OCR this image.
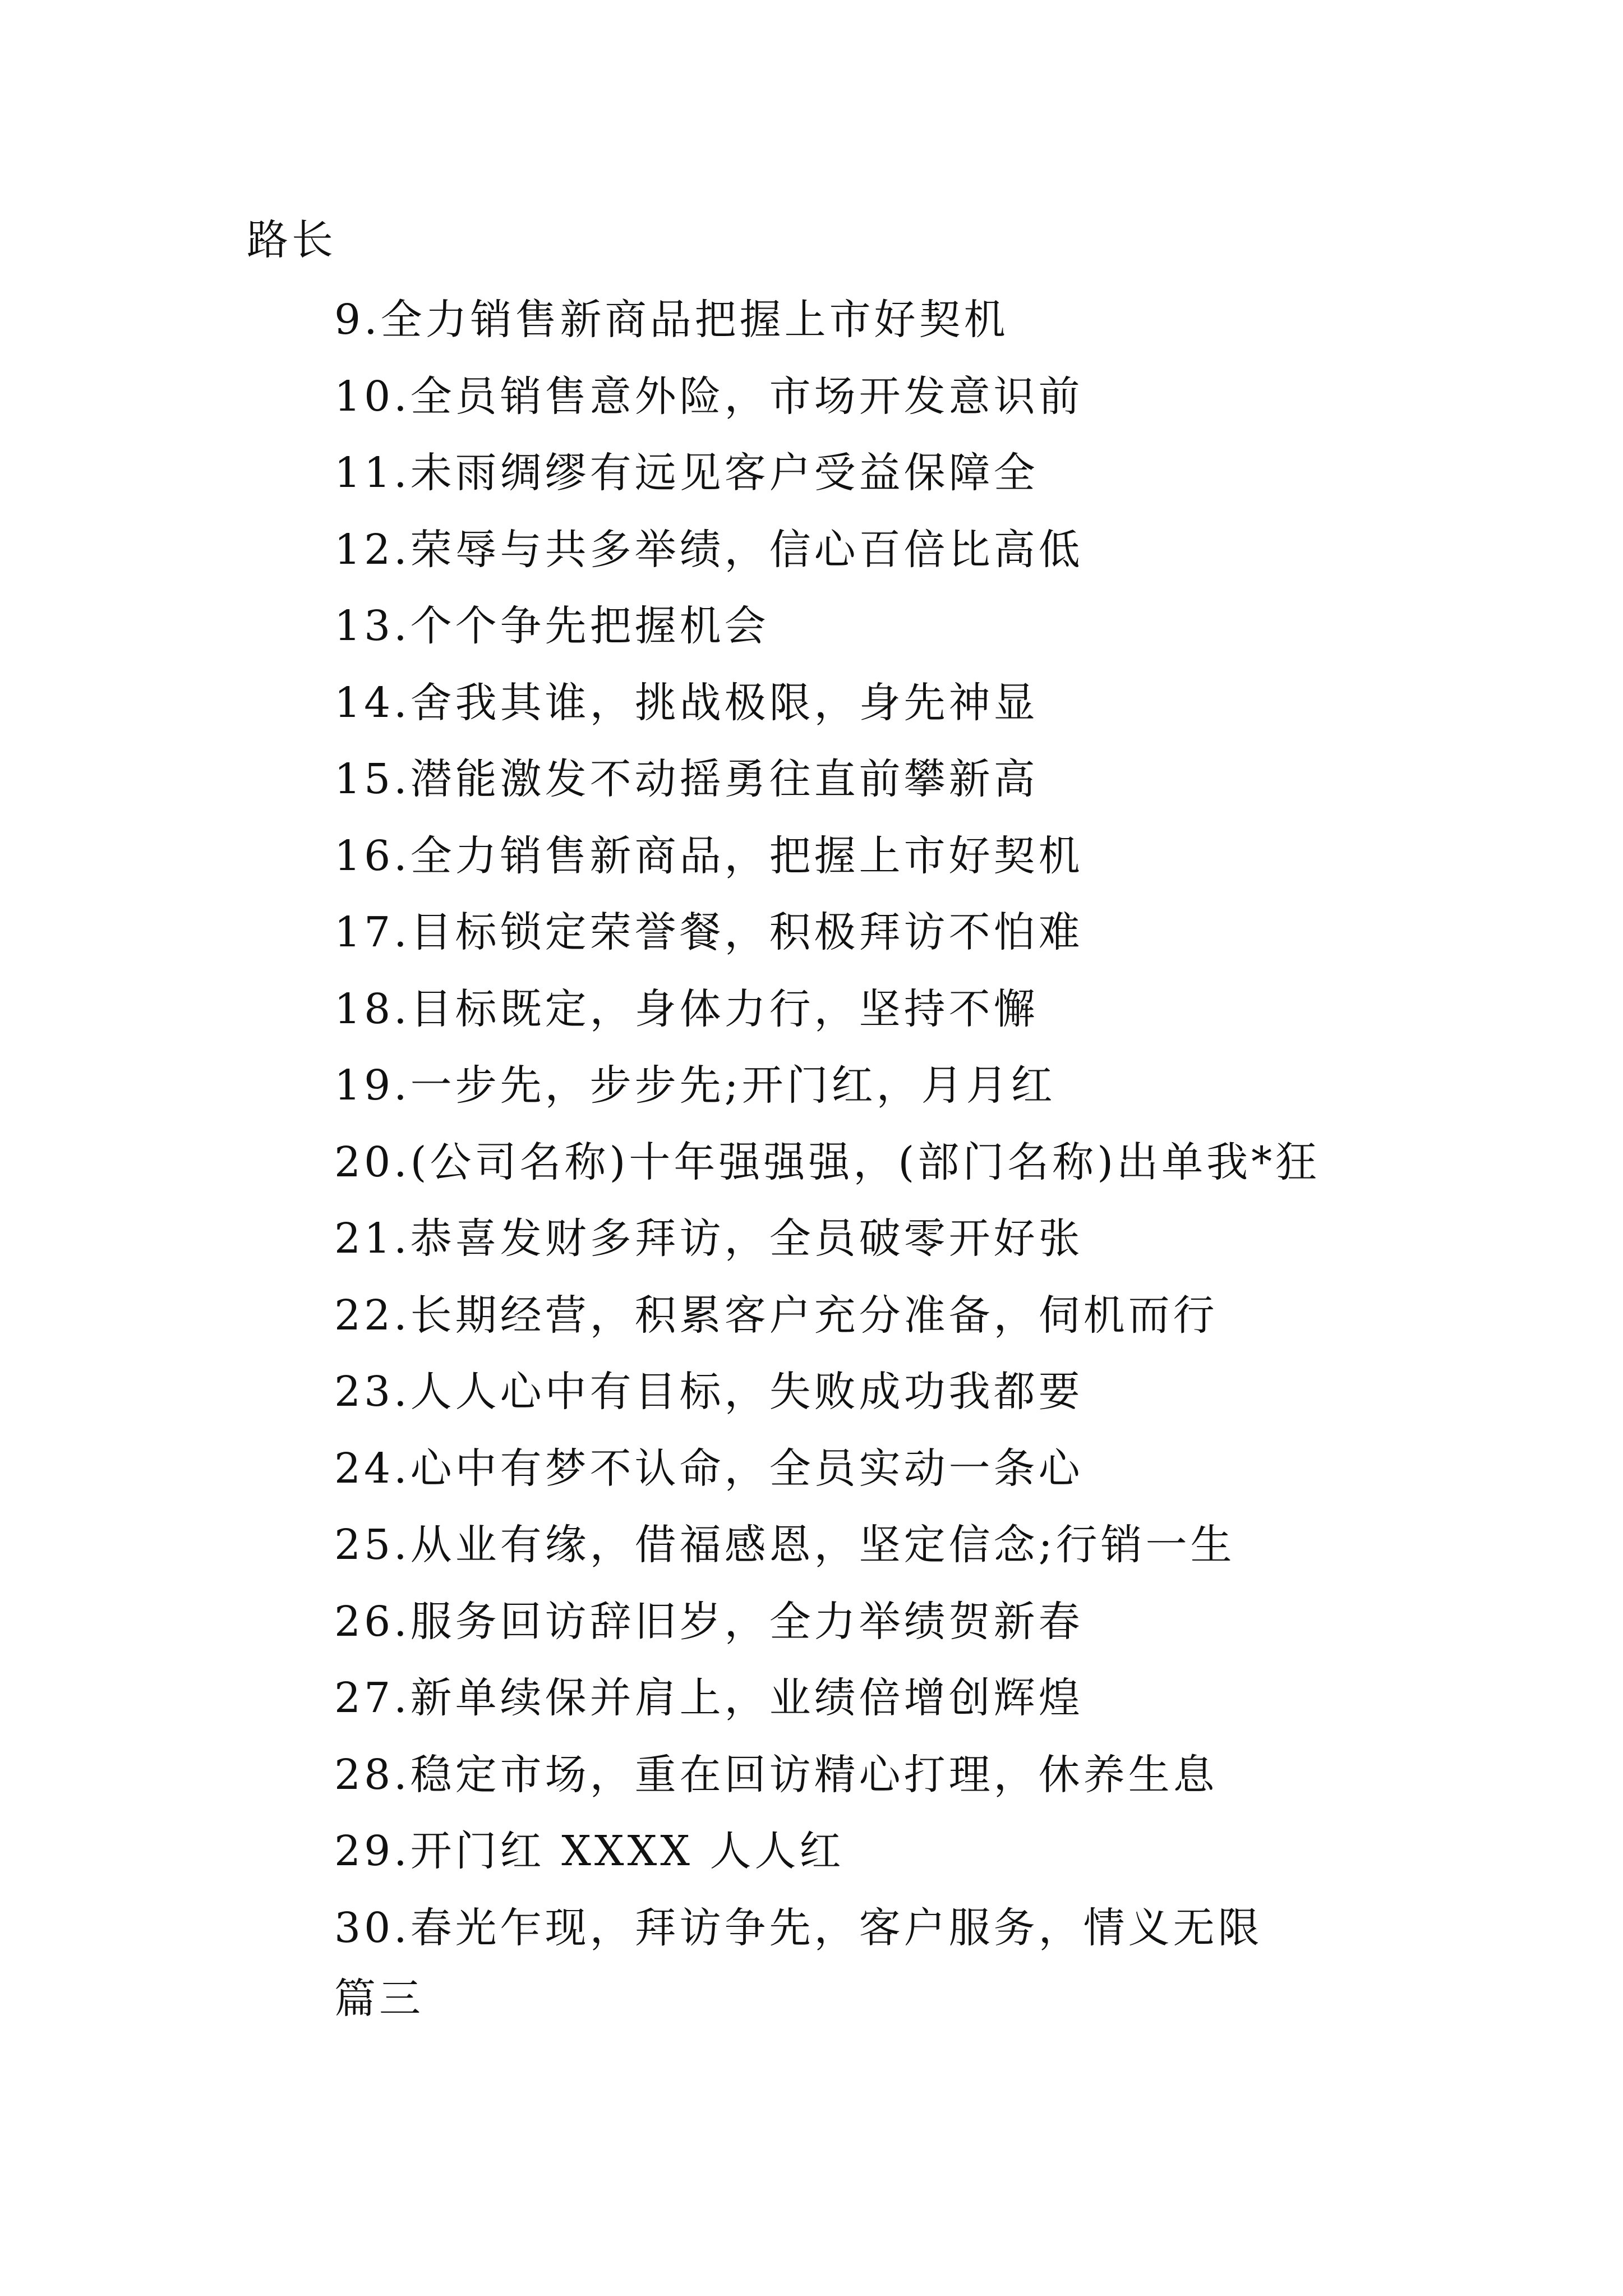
路长
9.全力销售新商品把握上市好契机
10.全员销售意外险，市场开发意识前
11.未雨绸缪有远见客户受益保障全
12.荣辱与共多举绩，信心百倍比高低
13.个个争先把握机会
14.舍我其谁，挑战极限，身先神显
15.潜能激发不动摇勇往直前攀新高
16.全力销售新商品，把握上市好契机
17.目标锁定荣誉餐，积极拜访不怕难
18.目标既定，身体力行，坚持不懈
19.一步先，步步先;开门红，月月红
20.(公司名称)十年强强强，(部门名称)出单我*狂
21.恭喜发财多拜访，全员破零开好张
22.长期经营，积累客户充分准备，伺机而行
23.人人心中有目标，失败成功我都要
24.心中有梦不认命，全员实动一条心
25.从业有缘，借福感恩，坚定信念;行销一生
26.服务回访辞旧岁，全力举绩贺新春
27.新单续保并肩上，业绩倍增创辉煌
28.稳定市场，重在回访精心打理，休养生息
29.开门红 XXXX 人人红
30.春光乍现，拜访争先，客户服务，情义无限
篇三
